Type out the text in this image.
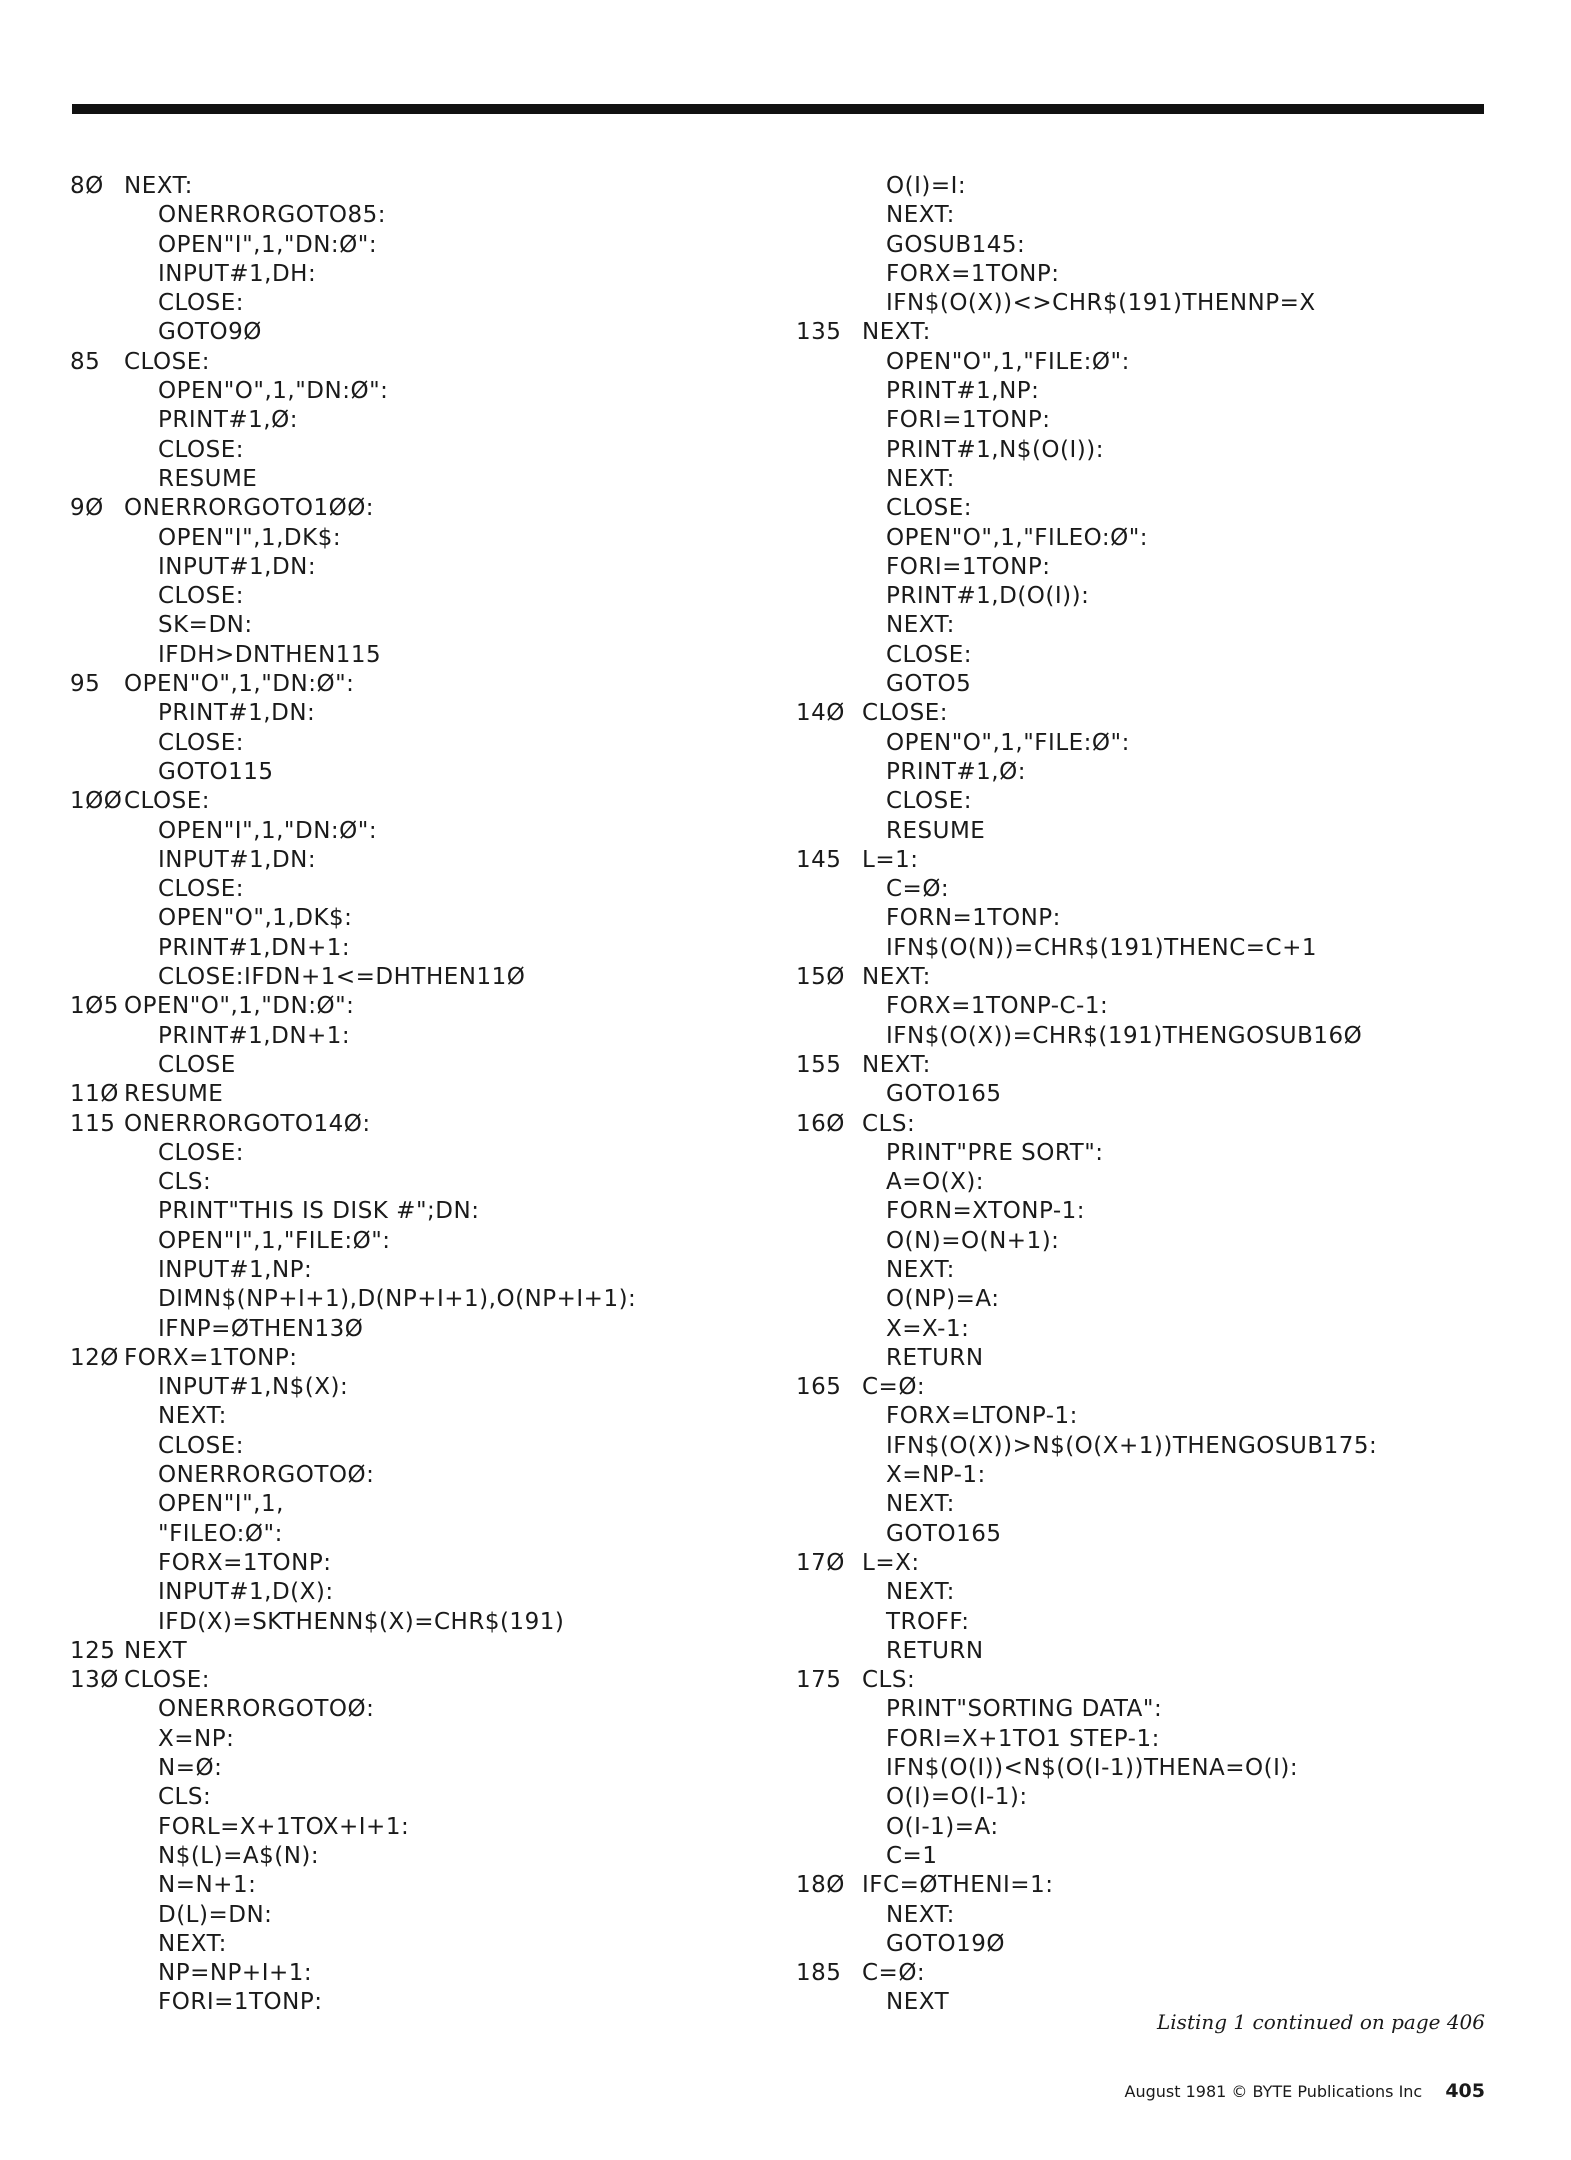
8Ø NEXT:
ONERRORGOTO85:
OPEN"I",1,"DN:Ø":
INPUT#1,DH:
CLOSE:
GOTO9Ø
85 CLOSE:
OPEN"O",1,"DN:Ø":
PRINT#1,Ø:
CLOSE:
RESUME
9Ø ONERRORGOTO1ØØ:
OPEN"I",1,DK$:
INPUT#1,DN:
CLOSE:
SK=DN:
IFDH>DNTHEN115
95 OPEN"O",1,"DN:Ø":
PRINT#1,DN:
CLOSE:
GOTO115
1ØØCLOSE:
OPEN"I",1,"DN:Ø":
INPUT#1,DN:
CLOSE:
OPEN"O",1,DK$:
PRINT#1,DN+1:
CLOSE:IFDN+1<=DHTHEN11Ø
1Ø5 OPEN"O",1,"DN:Ø":
PRINT#1,DN+1:
CLOSE
11Ø RESUME
115 ONERRORGOTO14Ø:
CLOSE:
CLS:
PRINT"THIS IS DISK #";DN:
OPEN"I",1,"FILE:Ø":
INPUT#1,NP:
DIMN$(NP+I+1),D(NP+I+1),O(NP+I+1):
IFNP=ØTHEN13Ø
12Ø FORX=1TONP:
INPUT#1,N$(X):
NEXT:
CLOSE:
ONERRORGOTOØ:
OPEN"I",1,
"FILEO:Ø":
FORX=1TONP:
INPUT#1,D(X):
IFD(X)=SKTHENN$(X)=CHR$(191)
125 NEXT
13Ø CLOSE:
ONERRORGOTOØ:
X=NP:
N=Ø:
CLS:
FORL=X+1TOX+I+1:
N$(L)=A$(N):
N=N+1:
D(L)=DN:
NEXT:
NP=NP+I+1:
FORI=1TONP:
O(I)=I:
NEXT:
GOSUB145:
FORX=1TONP:
IFN$(O(X))<>CHR$(191)THENNP=X
135 NEXT:
OPEN"O",1,"FILE:Ø":
PRINT#1,NP:
FORI=1TONP:
PRINT#1,N$(O(I)):
NEXT:
CLOSE:
OPEN"O",1,"FILEO:Ø":
FORI=1TONP:
PRINT#1,D(O(I)):
NEXT:
CLOSE:
GOTO5
14Ø CLOSE:
OPEN"O",1,"FILE:Ø":
PRINT#1,Ø:
CLOSE:
RESUME
145 L=1:
C=Ø:
FORN=1TONP:
IFN$(O(N))=CHR$(191)THENC=C+1
15Ø NEXT:
FORX=1TONP-C-1:
IFN$(O(X))=CHR$(191)THENGOSUB16Ø
155 NEXT:
GOTO165
16Ø CLS:
PRINT"PRE SORT":
A=O(X):
FORN=XTONP-1:
O(N)=O(N+1):
NEXT:
O(NP)=A:
X=X-1:
RETURN
165 C=Ø:
FORX=LTONP-1:
IFN$(O(X))>N$(O(X+1))THENGOSUB175:
X=NP-1:
NEXT:
GOTO165
17Ø L=X:
NEXT:
TROFF:
RETURN
175 CLS:
PRINT"SORTING DATA":
FORI=X+1TO1 STEP-1:
IFN$(O(I))<N$(O(I-1))THENA=O(I):
O(I)=O(I-1):
O(I-1)=A:
C=1
18Ø IFC=ØTHENI=1:
NEXT:
GOTO19Ø
185 C=Ø:
NEXT
Listing 1 continued on page 406
August 1981 © BYTE Publications Inc 405
